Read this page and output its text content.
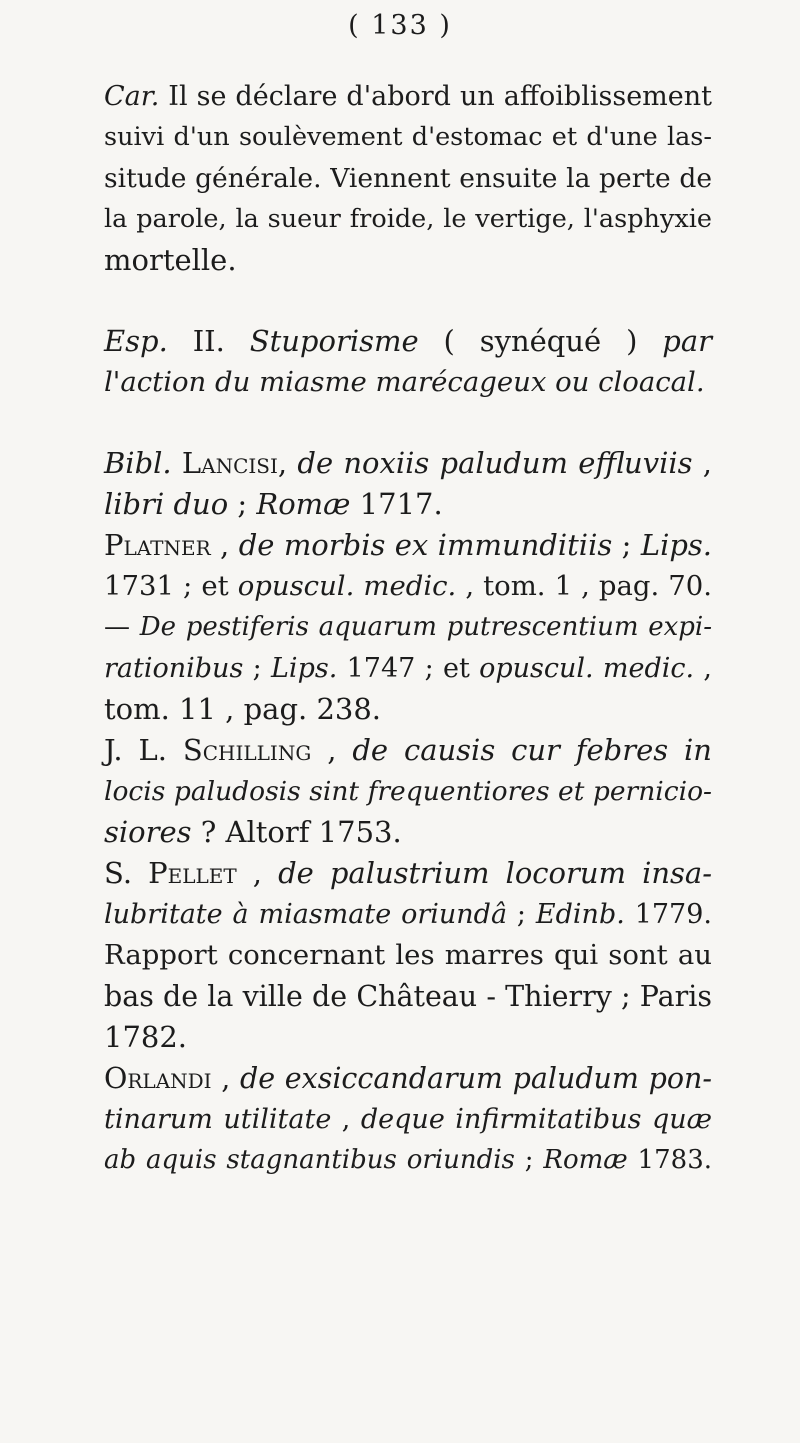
( 133 )
Car. Il se déclare d'abord un affoiblissement
suivi d'un soulèvement d'estomac et d'une las-
situde générale. Viennent ensuite la perte de
la parole, la sueur froide, le vertige, l'asphyxie
mortelle.
Esp. II. Stuporisme ( synéqué ) par
l'action du miasme marécageux ou cloacal.
Bibl. Lancisi, de noxiis paludum effluviis ,
libri duo ; Romæ 1717.
Platner , de morbis ex immunditiis ; Lips.
1731 ; et opuscul. medic. , tom. 1 , pag. 70.
— De pestiferis aquarum putrescentium expi-
rationibus ; Lips. 1747 ; et opuscul. medic. ,
tom. 11 , pag. 238.
J. L. Schilling , de causis cur febres in
locis paludosis sint frequentiores et pernicio-
siores ? Altorf 1753.
S. Pellet , de palustrium locorum insa-
lubritate à miasmate oriundâ ; Edinb. 1779.
Rapport concernant les marres qui sont au
bas de la ville de Château - Thierry ; Paris
1782.
Orlandi , de exsiccandarum paludum pon-
tinarum utilitate , deque infirmitatibus quæ
ab aquis stagnantibus oriundis ; Romæ 1783.
